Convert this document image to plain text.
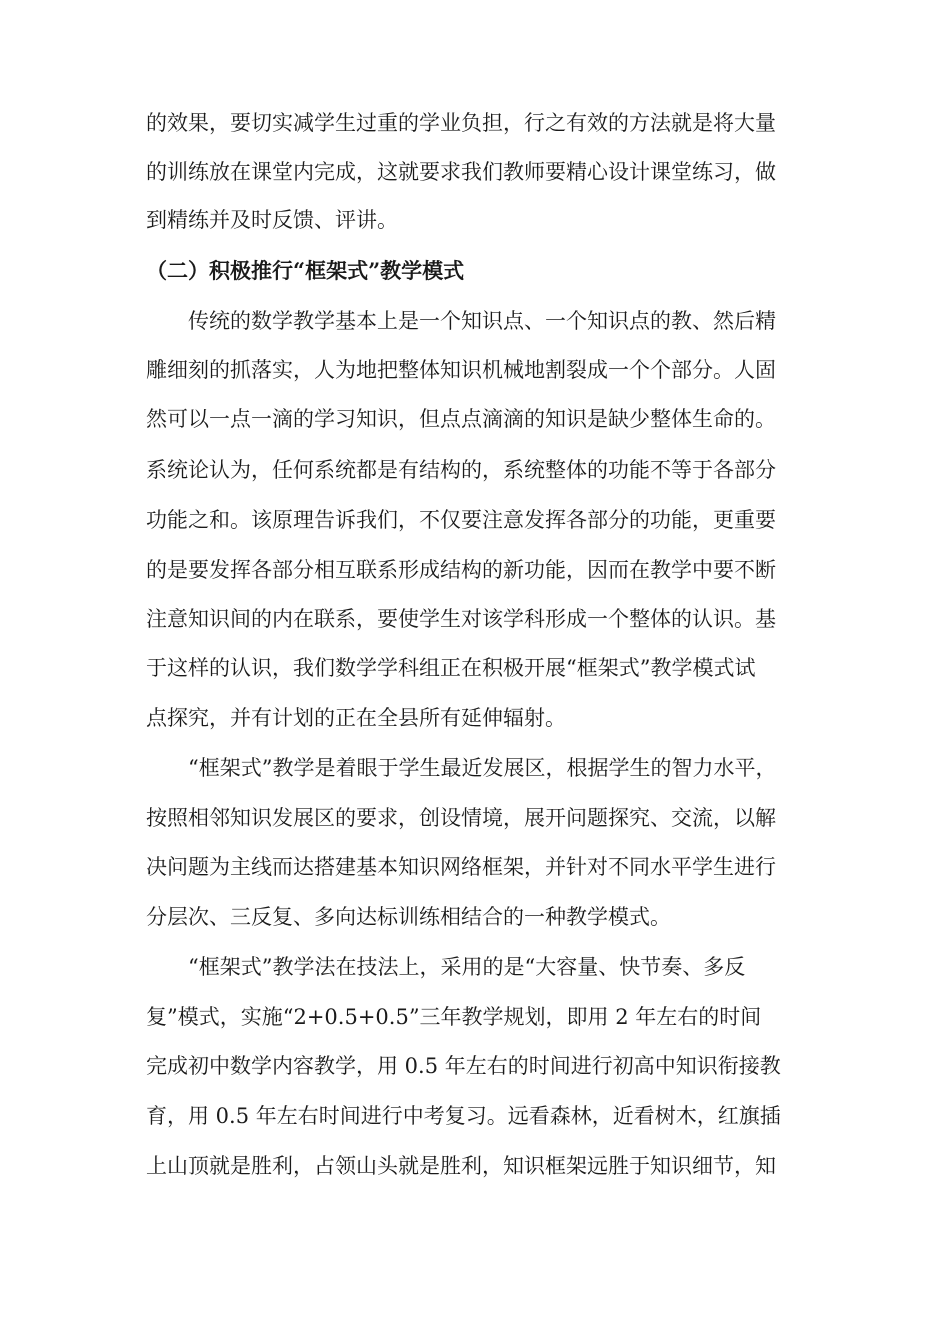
的效果，要切实减学生过重的学业负担，行之有效的方法就是将大量
的训练放在课堂内完成，这就要求我们教师要精心设计课堂练习，做
到精练并及时反馈、评讲。
（二）积极推行“框架式”教学模式
传统的数学教学基本上是一个知识点、一个知识点的教、然后精
雕细刻的抓落实，人为地把整体知识机械地割裂成一个个部分。人固
然可以一点一滴的学习知识，但点点滴滴的知识是缺少整体生命的。
系统论认为，任何系统都是有结构的，系统整体的功能不等于各部分
功能之和。该原理告诉我们，不仅要注意发挥各部分的功能，更重要
的是要发挥各部分相互联系形成结构的新功能，因而在教学中要不断
注意知识间的内在联系，要使学生对该学科形成一个整体的认识。基
于这样的认识，我们数学学科组正在积极开展“框架式”教学模式试
点探究，并有计划的正在全县所有延伸辐射。
“框架式”教学是着眼于学生最近发展区，根据学生的智力水平，
按照相邻知识发展区的要求，创设情境，展开问题探究、交流，以解
决问题为主线而达搭建基本知识网络框架，并针对不同水平学生进行
分层次、三反复、多向达标训练相结合的一种教学模式。
“框架式”教学法在技法上，采用的是“大容量、快节奏、多反
复”模式，实施“2+0.5+0.5”三年教学规划，即用 2 年左右的时间
完成初中数学内容教学，用 0.5 年左右的时间进行初高中知识衔接教
育，用 0.5 年左右时间进行中考复习。远看森林，近看树木，红旗插
上山顶就是胜利，占领山头就是胜利，知识框架远胜于知识细节，知
